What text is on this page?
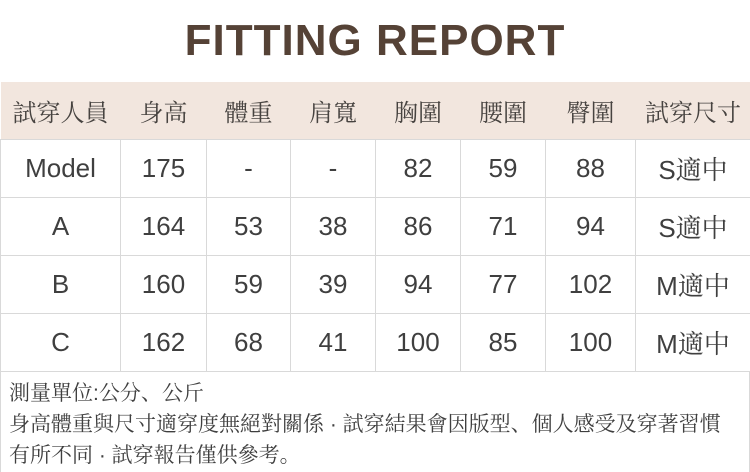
FITTING REPORT
試穿人員	身高	體重	肩寬	胸圍	腰圍	臀圍	試穿尺寸
Model	175	-	-	82	59	88	S適中
A	164	53	38	86	71	94	S適中
B	160	59	39	94	77	102	M適中
C	162	68	41	100	85	100	M適中

測量單位:公分、公斤

身高體重與尺寸適穿度無絕對關係 · 試穿結果會因版型、個人感受及穿著習慣有所不同 · 試穿報告僅供參考。
